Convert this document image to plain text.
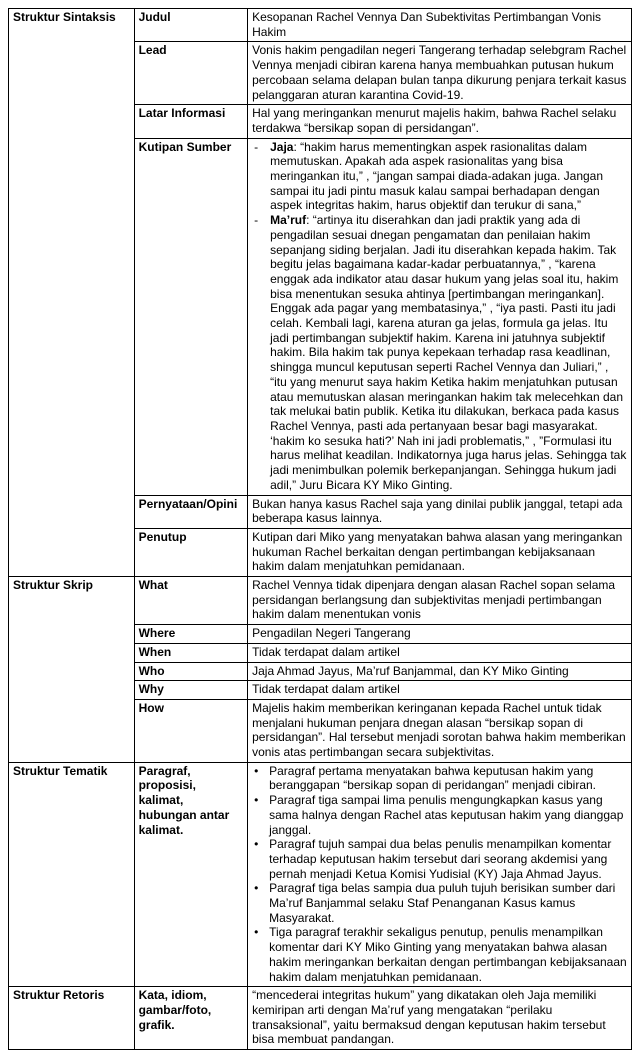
Struktur Sintaksis	Judul	Kesopanan Rachel Vennya Dan Subektivitas Pertimbangan Vonis Hakim
	Lead	Vonis hakim pengadilan negeri Tangerang terhadap selebgram Rachel Vennya menjadi cibiran karena hanya membuahkan putusan hukum percobaan selama delapan bulan tanpa dikurung penjara terkait kasus pelanggaran aturan karantina Covid-19.
	Latar Informasi	Hal yang meringankan menurut majelis hakim, bahwa Rachel selaku terdakwa “bersikap sopan di persidangan”.
	Kutipan Sumber	- Jaja: “hakim harus mementingkan aspek rasionalitas dalam memutuskan. Apakah ada aspek rasionalitas yang bisa meringankan itu,” , “jangan sampai diada-adakan juga. Jangan sampai itu jadi pintu masuk kalau sampai berhadapan dengan aspek integritas hakim, harus objektif dan terukur di sana,”
- Ma’ruf: “artinya itu diserahkan dan jadi praktik yang ada di pengadilan sesuai dnegan pengamatan dan penilaian hakim sepanjang siding berjalan. Jadi itu diserahkan kepada hakim. Tak begitu jelas bagaimana kadar-kadar perbuatannya,” , “karena enggak ada indikator atau dasar hukum yang jelas soal itu, hakim bisa menentukan sesuka ahtinya [pertimbangan meringankan]. Enggak ada pagar yang membatasinya,” , “iya pasti. Pasti itu jadi celah. Kembali lagi, karena aturan ga jelas, formula ga jelas. Itu jadi pertimbangan subjektif hakim. Karena ini jatuhnya subjektif hakim. Bila hakim tak punya kepekaan terhadap rasa keadlinan, shingga muncul keputusan seperti Rachel Vennya dan Juliari,” , “itu yang menurut saya hakim Ketika hakim menjatuhkan putusan atau memutuskan alasan meringankan hakim tak melecehkan dan tak melukai batin publik. Ketika itu dilakukan, berkaca pada kasus Rachel Vennya, pasti ada pertanyaan besar bagi masyarakat. ‘hakim ko sesuka hati?’ Nah ini jadi problematis,” , ”Formulasi itu harus melihat keadilan. Indikatornya juga harus jelas. Sehingga tak jadi menimbulkan polemik berkepanjangan. Sehingga hukum jadi adil,” Juru Bicara KY Miko Ginting.

	Pernyataan/Opini	Bukan hanya kasus Rachel saja yang dinilai publik janggal, tetapi ada beberapa kasus lainnya.
	Penutup	Kutipan dari Miko yang menyatakan bahwa alasan yang meringankan hukuman Rachel berkaitan dengan pertimbangan kebijaksanaan hakim dalam menjatuhkan pemidanaan.
Struktur Skrip	What	Rachel Vennya tidak dipenjara dengan alasan Rachel sopan selama persidangan berlangsung dan subjektivitas menjadi pertimbangan hakim dalam menentukan vonis
	Where	Pengadilan Negeri Tangerang
	When	Tidak terdapat dalam artikel
	Who	Jaja Ahmad Jayus, Ma’ruf Banjammal, dan KY Miko Ginting
	Why	Tidak terdapat dalam artikel
	How	Majelis hakim memberikan keringanan kepada Rachel untuk tidak menjalani hukuman penjara dnegan alasan “bersikap sopan di persidangan”. Hal tersebut menjadi sorotan bahwa hakim memberikan vonis atas pertimbangan secara subjektivitas.
Struktur Tematik	Paragraf, proposisi, kalimat, hubungan antar kalimat.	
• Paragraf pertama menyatakan bahwa keputusan hakim yang beranggapan “bersikap sopan di peridangan” menjadi cibiran.
• Paragraf tiga sampai lima penulis mengungkapkan kasus yang sama halnya dengan Rachel atas keputusan hakim yang dianggap janggal.
• Paragraf tujuh sampai dua belas penulis menampilkan komentar terhadap keputusan hakim tersebut dari seorang akdemisi yang pernah menjadi Ketua Komisi Yudisial (KY) Jaja Ahmad Jayus.
• Paragraf tiga belas sampia dua puluh tujuh berisikan sumber dari Ma’ruf Banjammal selaku Staf Penanganan Kasus kamus Masyarakat.
• Tiga paragraf terakhir sekaligus penutup, penulis menampilkan komentar dari KY Miko Ginting yang menyatakan bahwa alasan hakim meringankan berkaitan dengan pertimbangan kebijaksanaan hakim dalam menjatuhkan pemidanaan.

Struktur Retoris	Kata, idiom, gambar/foto, grafik.	“mencederai integritas hukum” yang dikatakan oleh Jaja memiliki kemiripan arti dengan Ma’ruf yang mengatakan “perilaku transaksional”, yaitu bermaksud dengan keputusan hakim tersebut bisa membuat pandangan.
